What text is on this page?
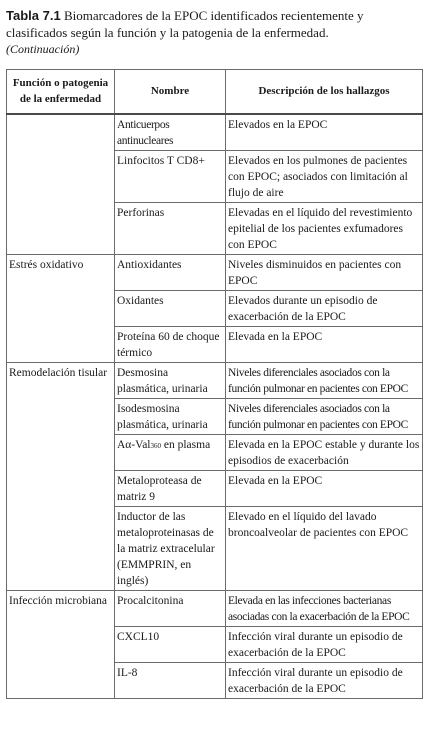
Tabla 7.1 Biomarcadores de la EPOC identificados recientemente y clasificados según la función y la patogenia de la enfermedad.
(Continuación)
Función o patogenia de la enfermedad	Nombre	Descripción de los hallazgos
	Anticuerpos antinucleares	Elevados en la EPOC
	Linfocitos T CD8+	Elevados en los pulmones de pacientes con EPOC; asociados con limitación al flujo de aire
	Perforinas	Elevadas en el líquido del revestimiento epitelial de los pacientes exfumadores con EPOC
Estrés oxidativo	Antioxidantes	Niveles disminuidos en pacientes con EPOC
	Oxidantes	Elevados durante un episodio de exacerbación de la EPOC
	Proteína 60 de choque térmico	Elevada en la EPOC
Remodelación tisular	Desmosina plasmática, urinaria	Niveles diferenciales asociados con la función pulmonar en pacientes con EPOC
	Isodesmosina plasmática, urinaria	Niveles diferenciales asociados con la función pulmonar en pacientes con EPOC
	Aα-Val360 en plasma	Elevada en la EPOC estable y durante los episodios de exacerbación
	Metaloproteasa de matriz 9	Elevada en la EPOC
	Inductor de las metaloproteinasas de la matriz extracelular (EMMPRIN, en inglés)	Elevado en el líquido del lavado broncoalveolar de pacientes con EPOC
Infección microbiana	Procalcitonina	Elevada en las infecciones bacterianas asociadas con la exacerbación de la EPOC
	CXCL10	Infección viral durante un episodio de exacerbación de la EPOC
	IL-8	Infección viral durante un episodio de exacerbación de la EPOC
